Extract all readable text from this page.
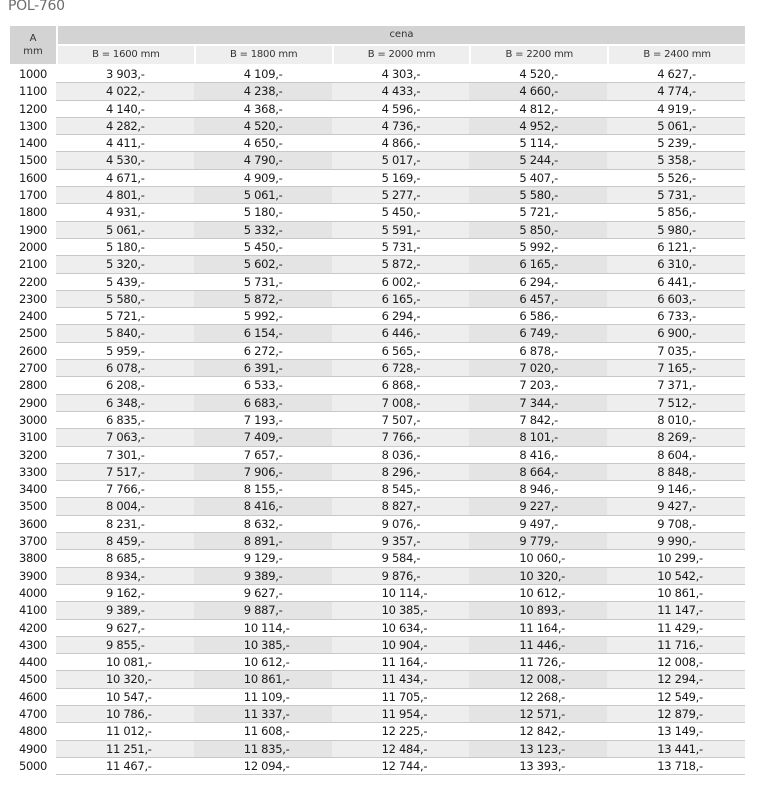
POL-760
A
mm
cena
B = 1600 mm	B = 1800 mm	B = 2000 mm	B = 2200 mm	B = 2400 mm
1000	3 903,-	4 109,-	4 303,-	4 520,-	4 627,-
1100	4 022,-	4 238,-	4 433,-	4 660,-	4 774,-
1200	4 140,-	4 368,-	4 596,-	4 812,-	4 919,-
1300	4 282,-	4 520,-	4 736,-	4 952,-	5 061,-
1400	4 411,-	4 650,-	4 866,-	5 114,-	5 239,-
1500	4 530,-	4 790,-	5 017,-	5 244,-	5 358,-
1600	4 671,-	4 909,-	5 169,-	5 407,-	5 526,-
1700	4 801,-	5 061,-	5 277,-	5 580,-	5 731,-
1800	4 931,-	5 180,-	5 450,-	5 721,-	5 856,-
1900	5 061,-	5 332,-	5 591,-	5 850,-	5 980,-
2000	5 180,-	5 450,-	5 731,-	5 992,-	6 121,-
2100	5 320,-	5 602,-	5 872,-	6 165,-	6 310,-
2200	5 439,-	5 731,-	6 002,-	6 294,-	6 441,-
2300	5 580,-	5 872,-	6 165,-	6 457,-	6 603,-
2400	5 721,-	5 992,-	6 294,-	6 586,-	6 733,-
2500	5 840,-	6 154,-	6 446,-	6 749,-	6 900,-
2600	5 959,-	6 272,-	6 565,-	6 878,-	7 035,-
2700	6 078,-	6 391,-	6 728,-	7 020,-	7 165,-
2800	6 208,-	6 533,-	6 868,-	7 203,-	7 371,-
2900	6 348,-	6 683,-	7 008,-	7 344,-	7 512,-
3000	6 835,-	7 193,-	7 507,-	7 842,-	8 010,-
3100	7 063,-	7 409,-	7 766,-	8 101,-	8 269,-
3200	7 301,-	7 657,-	8 036,-	8 416,-	8 604,-
3300	7 517,-	7 906,-	8 296,-	8 664,-	8 848,-
3400	7 766,-	8 155,-	8 545,-	8 946,-	9 146,-
3500	8 004,-	8 416,-	8 827,-	9 227,-	9 427,-
3600	8 231,-	8 632,-	9 076,-	9 497,-	9 708,-
3700	8 459,-	8 891,-	9 357,-	9 779,-	9 990,-
3800	8 685,-	9 129,-	9 584,-	10 060,-	10 299,-
3900	8 934,-	9 389,-	9 876,-	10 320,-	10 542,-
4000	9 162,-	9 627,-	10 114,-	10 612,-	10 861,-
4100	9 389,-	9 887,-	10 385,-	10 893,-	11 147,-
4200	9 627,-	10 114,-	10 634,-	11 164,-	11 429,-
4300	9 855,-	10 385,-	10 904,-	11 446,-	11 716,-
4400	10 081,-	10 612,-	11 164,-	11 726,-	12 008,-
4500	10 320,-	10 861,-	11 434,-	12 008,-	12 294,-
4600	10 547,-	11 109,-	11 705,-	12 268,-	12 549,-
4700	10 786,-	11 337,-	11 954,-	12 571,-	12 879,-
4800	11 012,-	11 608,-	12 225,-	12 842,-	13 149,-
4900	11 251,-	11 835,-	12 484,-	13 123,-	13 441,-
5000	11 467,-	12 094,-	12 744,-	13 393,-	13 718,-
